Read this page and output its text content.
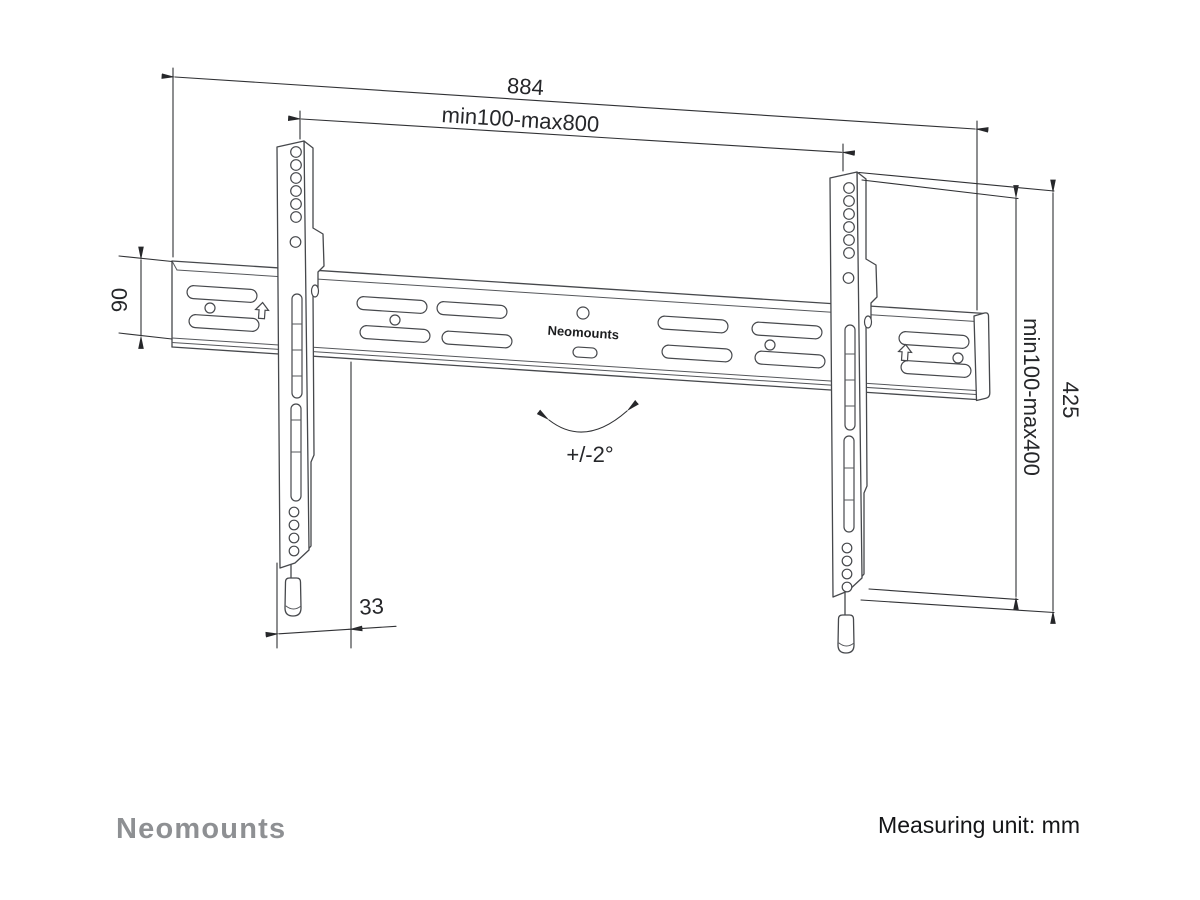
Neomounts
884
min100-max800
90
33
min100-max400 425
+/-2°
Neomounts	Measuring unit: mm
